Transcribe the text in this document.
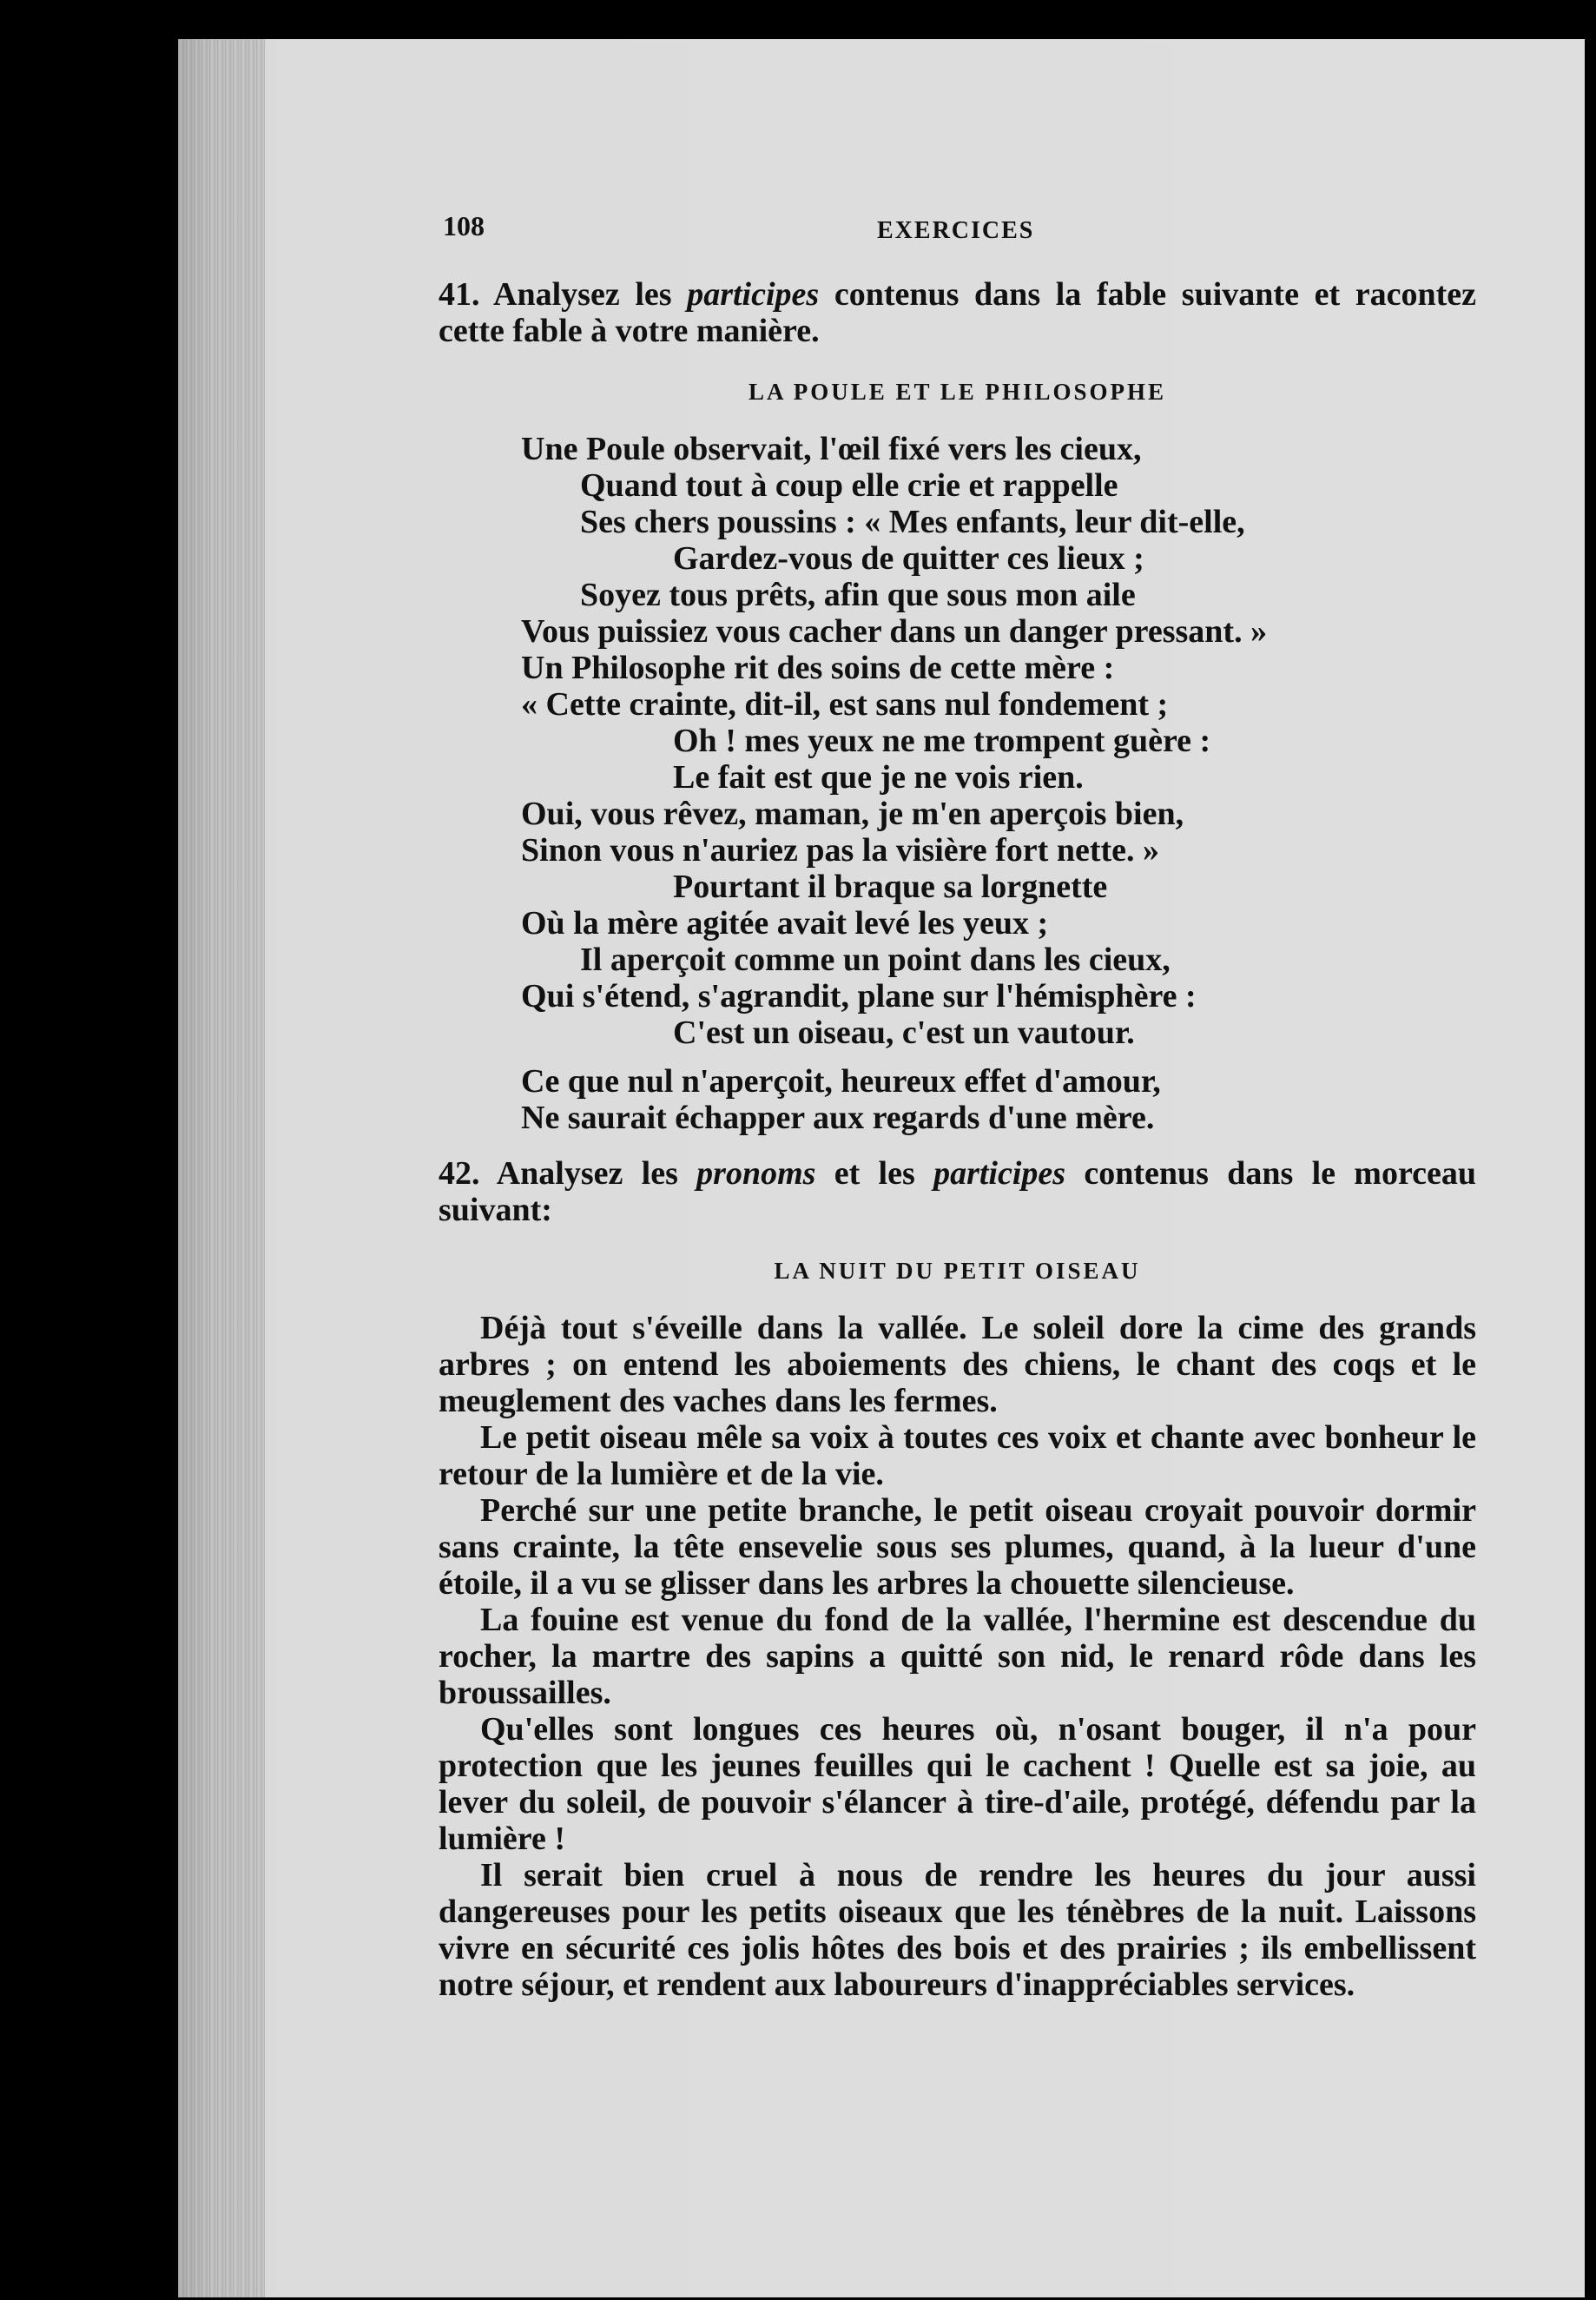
108	EXERCICES

41. Analysez les participes contenus dans la fable suivante et racontez cette fable à votre manière.

LA POULE ET LE PHILOSOPHE
Une Poule observait, l'œil fixé vers les cieux,
Quand tout à coup elle crie et rappelle
Ses chers poussins : « Mes enfants, leur dit-elle,
Gardez-vous de quitter ces lieux ;
Soyez tous prêts, afin que sous mon aile
Vous puissiez vous cacher dans un danger pressant. »
Un Philosophe rit des soins de cette mère :
« Cette crainte, dit-il, est sans nul fondement ;
Oh ! mes yeux ne me trompent guère :
Le fait est que je ne vois rien.
Oui, vous rêvez, maman, je m'en aperçois bien,
Sinon vous n'auriez pas la visière fort nette. »
Pourtant il braque sa lorgnette
Où la mère agitée avait levé les yeux ;
Il aperçoit comme un point dans les cieux,
Qui s'étend, s'agrandit, plane sur l'hémisphère :
C'est un oiseau, c'est un vautour.
Ce que nul n'aperçoit, heureux effet d'amour,
Ne saurait échapper aux regards d'une mère.

42. Analysez les pronoms et les participes contenus dans le morceau suivant:

LA NUIT DU PETIT OISEAU

Déjà tout s'éveille dans la vallée. Le soleil dore la cime des grands arbres ; on entend les aboiements des chiens, le chant des coqs et le meuglement des vaches dans les fermes.

Le petit oiseau mêle sa voix à toutes ces voix et chante avec bonheur le retour de la lumière et de la vie.

Perché sur une petite branche, le petit oiseau croyait pouvoir dormir sans crainte, la tête ensevelie sous ses plumes, quand, à la lueur d'une étoile, il a vu se glisser dans les arbres la chouette silencieuse.

La fouine est venue du fond de la vallée, l'hermine est descendue du rocher, la martre des sapins a quitté son nid, le renard rôde dans les broussailles.

Qu'elles sont longues ces heures où, n'osant bouger, il n'a pour protection que les jeunes feuilles qui le cachent ! Quelle est sa joie, au lever du soleil, de pouvoir s'élancer à tire-d'aile, protégé, défendu par la lumière !

Il serait bien cruel à nous de rendre les heures du jour aussi dangereuses pour les petits oiseaux que les ténèbres de la nuit. Laissons vivre en sécurité ces jolis hôtes des bois et des prairies ; ils embellissent notre séjour, et rendent aux laboureurs d'inappréciables services.
